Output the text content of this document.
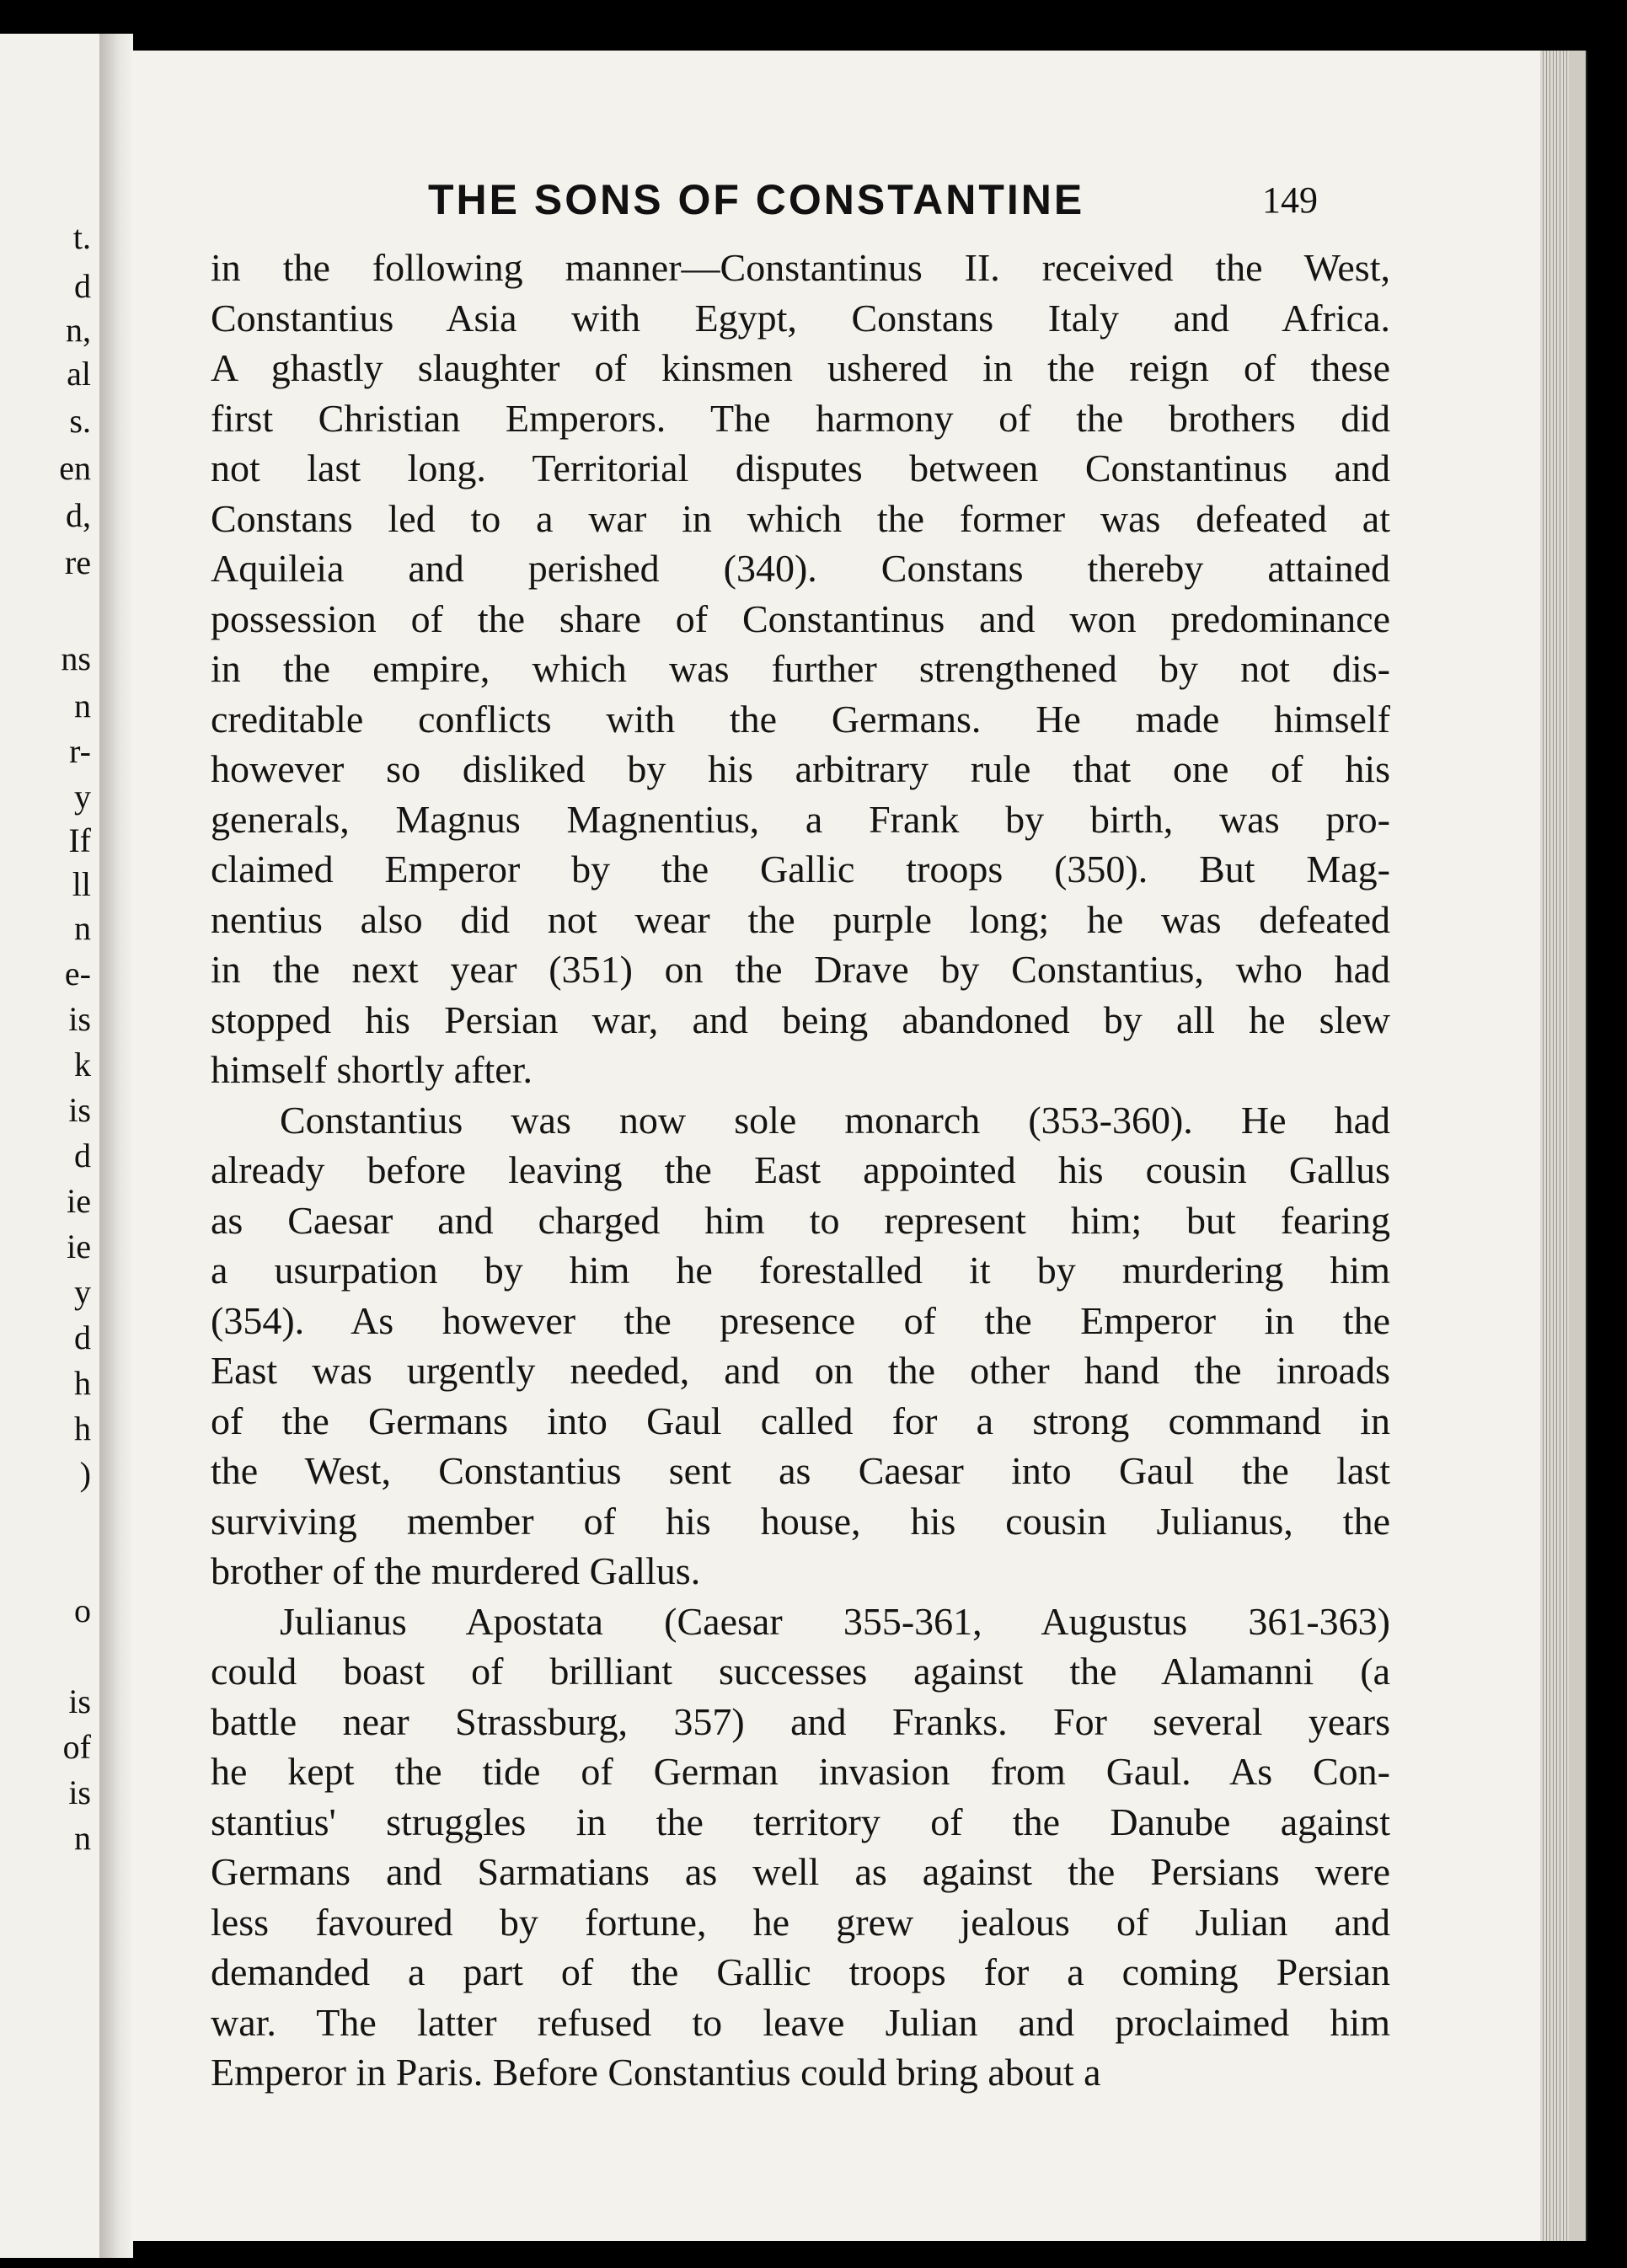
t.
d
n,
al
s.
en
d,
re
ns
n
r-
y
If
ll
n
e-
is
k
is
d
ie
ie
y
d
h
h
)
o
is
of
is
n
THE SONS OF CONSTANTINE	149
in the following manner—Constantinus II. received the West,
Constantius Asia with Egypt, Constans Italy and Africa.
A ghastly slaughter of kinsmen ushered in the reign of these
first Christian Emperors. The harmony of the brothers did
not last long. Territorial disputes between Constantinus and
Constans led to a war in which the former was defeated at
Aquileia and perished (340). Constans thereby attained
possession of the share of Constantinus and won predominance
in the empire, which was further strengthened by not dis-
creditable conflicts with the Germans. He made himself
however so disliked by his arbitrary rule that one of his
generals, Magnus Magnentius, a Frank by birth, was pro-
claimed Emperor by the Gallic troops (350). But Mag-
nentius also did not wear the purple long; he was defeated
in the next year (351) on the Drave by Constantius, who had
stopped his Persian war, and being abandoned by all he slew
himself shortly after.
Constantius was now sole monarch (353-360). He had
already before leaving the East appointed his cousin Gallus
as Caesar and charged him to represent him; but fearing
a usurpation by him he forestalled it by murdering him
(354). As however the presence of the Emperor in the
East was urgently needed, and on the other hand the inroads
of the Germans into Gaul called for a strong command in
the West, Constantius sent as Caesar into Gaul the last
surviving member of his house, his cousin Julianus, the
brother of the murdered Gallus.
Julianus Apostata (Caesar 355-361, Augustus 361-363)
could boast of brilliant successes against the Alamanni (a
battle near Strassburg, 357) and Franks. For several years
he kept the tide of German invasion from Gaul. As Con-
stantius' struggles in the territory of the Danube against
Germans and Sarmatians as well as against the Persians were
less favoured by fortune, he grew jealous of Julian and
demanded a part of the Gallic troops for a coming Persian
war. The latter refused to leave Julian and proclaimed him
Emperor in Paris. Before Constantius could bring about a
